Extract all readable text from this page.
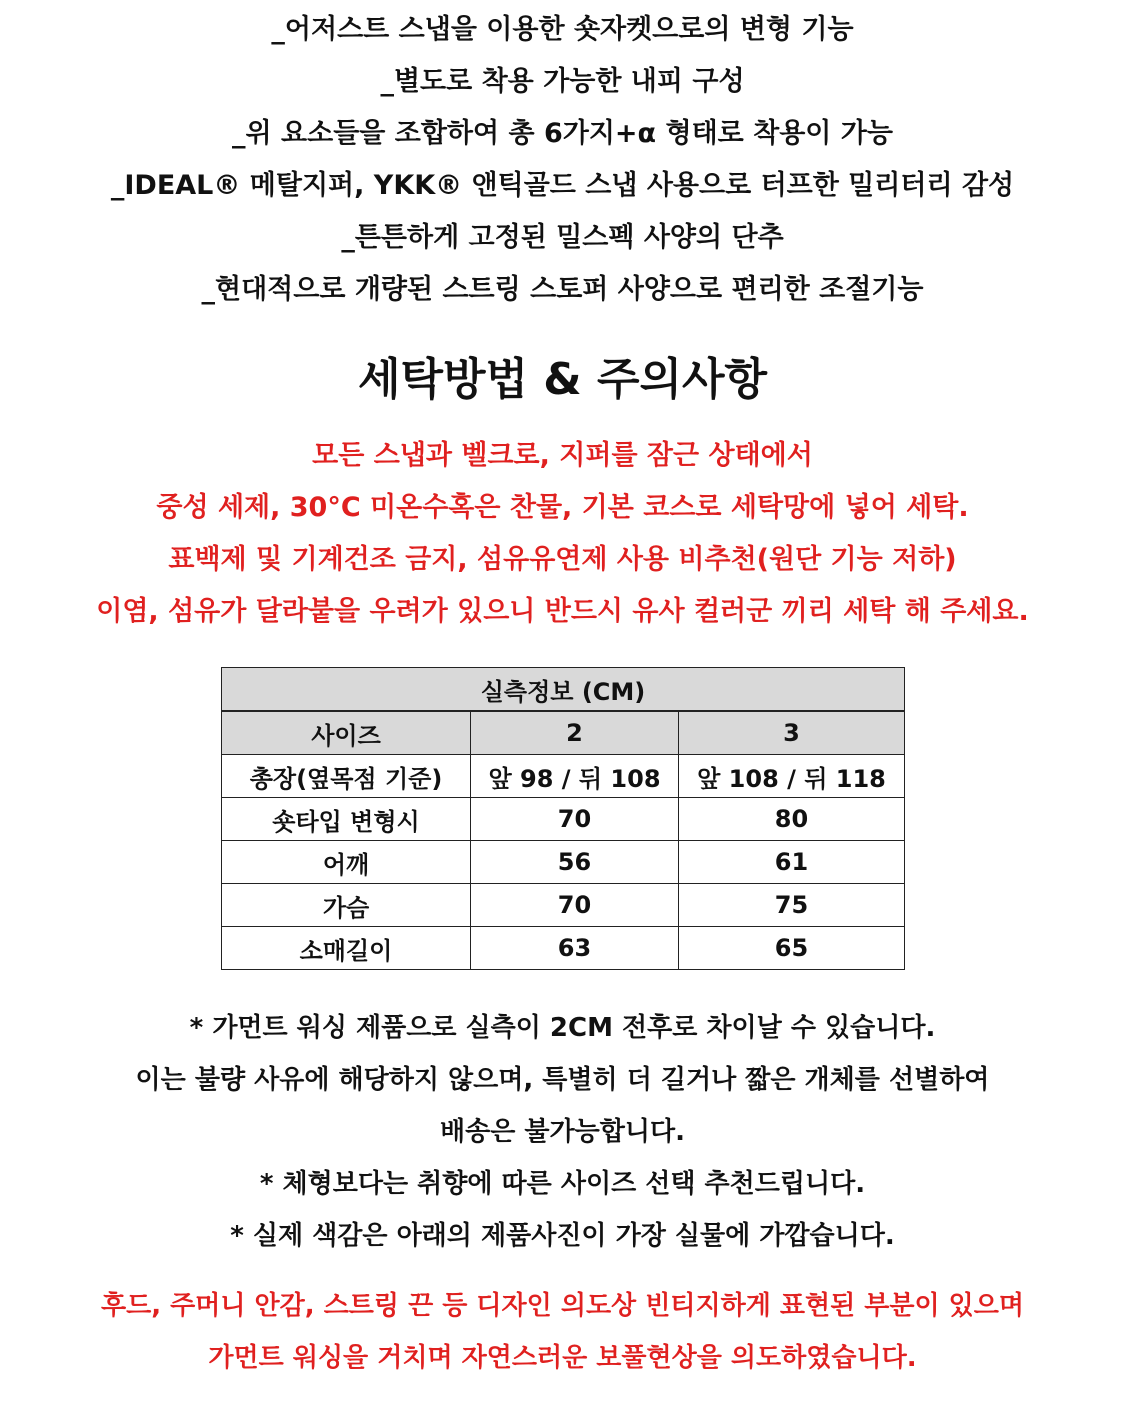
_어저스트 스냅을 이용한 숏자켓으로의 변형 기능
_별도로 착용 가능한 내피 구성
_위 요소들을 조합하여 총 6가지+α 형태로 착용이 가능
_IDEAL® 메탈지퍼, YKK® 앤틱골드 스냅 사용으로 터프한 밀리터리 감성
_튼튼하게 고정된 밀스펙 사양의 단추
_현대적으로 개량된 스트링 스토퍼 사양으로 편리한 조절기능
세탁방법 & 주의사항
모든 스냅과 벨크로, 지퍼를 잠근 상태에서
중성 세제, 30°C 미온수혹은 찬물, 기본 코스로 세탁망에 넣어 세탁.
표백제 및 기계건조 금지, 섬유유연제 사용 비추천(원단 기능 저하)
이염, 섬유가 달라붙을 우려가 있으니 반드시 유사 컬러군 끼리 세탁 해 주세요.
실측정보 (CM)		
사이즈	2	3
총장(옆목점 기준)	앞 98 / 뒤 108	앞 108 / 뒤 118
숏타입 변형시	70	80
어깨	56	61
가슴	70	75
소매길이	63	65
* 가먼트 워싱 제품으로 실측이 2CM 전후로 차이날 수 있습니다.
이는 불량 사유에 해당하지 않으며, 특별히 더 길거나 짧은 개체를 선별하여
배송은 불가능합니다.
* 체형보다는 취향에 따른 사이즈 선택 추천드립니다.
* 실제 색감은 아래의 제품사진이 가장 실물에 가깝습니다.
후드, 주머니 안감, 스트링 끈 등 디자인 의도상 빈티지하게 표현된 부분이 있으며
가먼트 워싱을 거치며 자연스러운 보풀현상을 의도하였습니다.
